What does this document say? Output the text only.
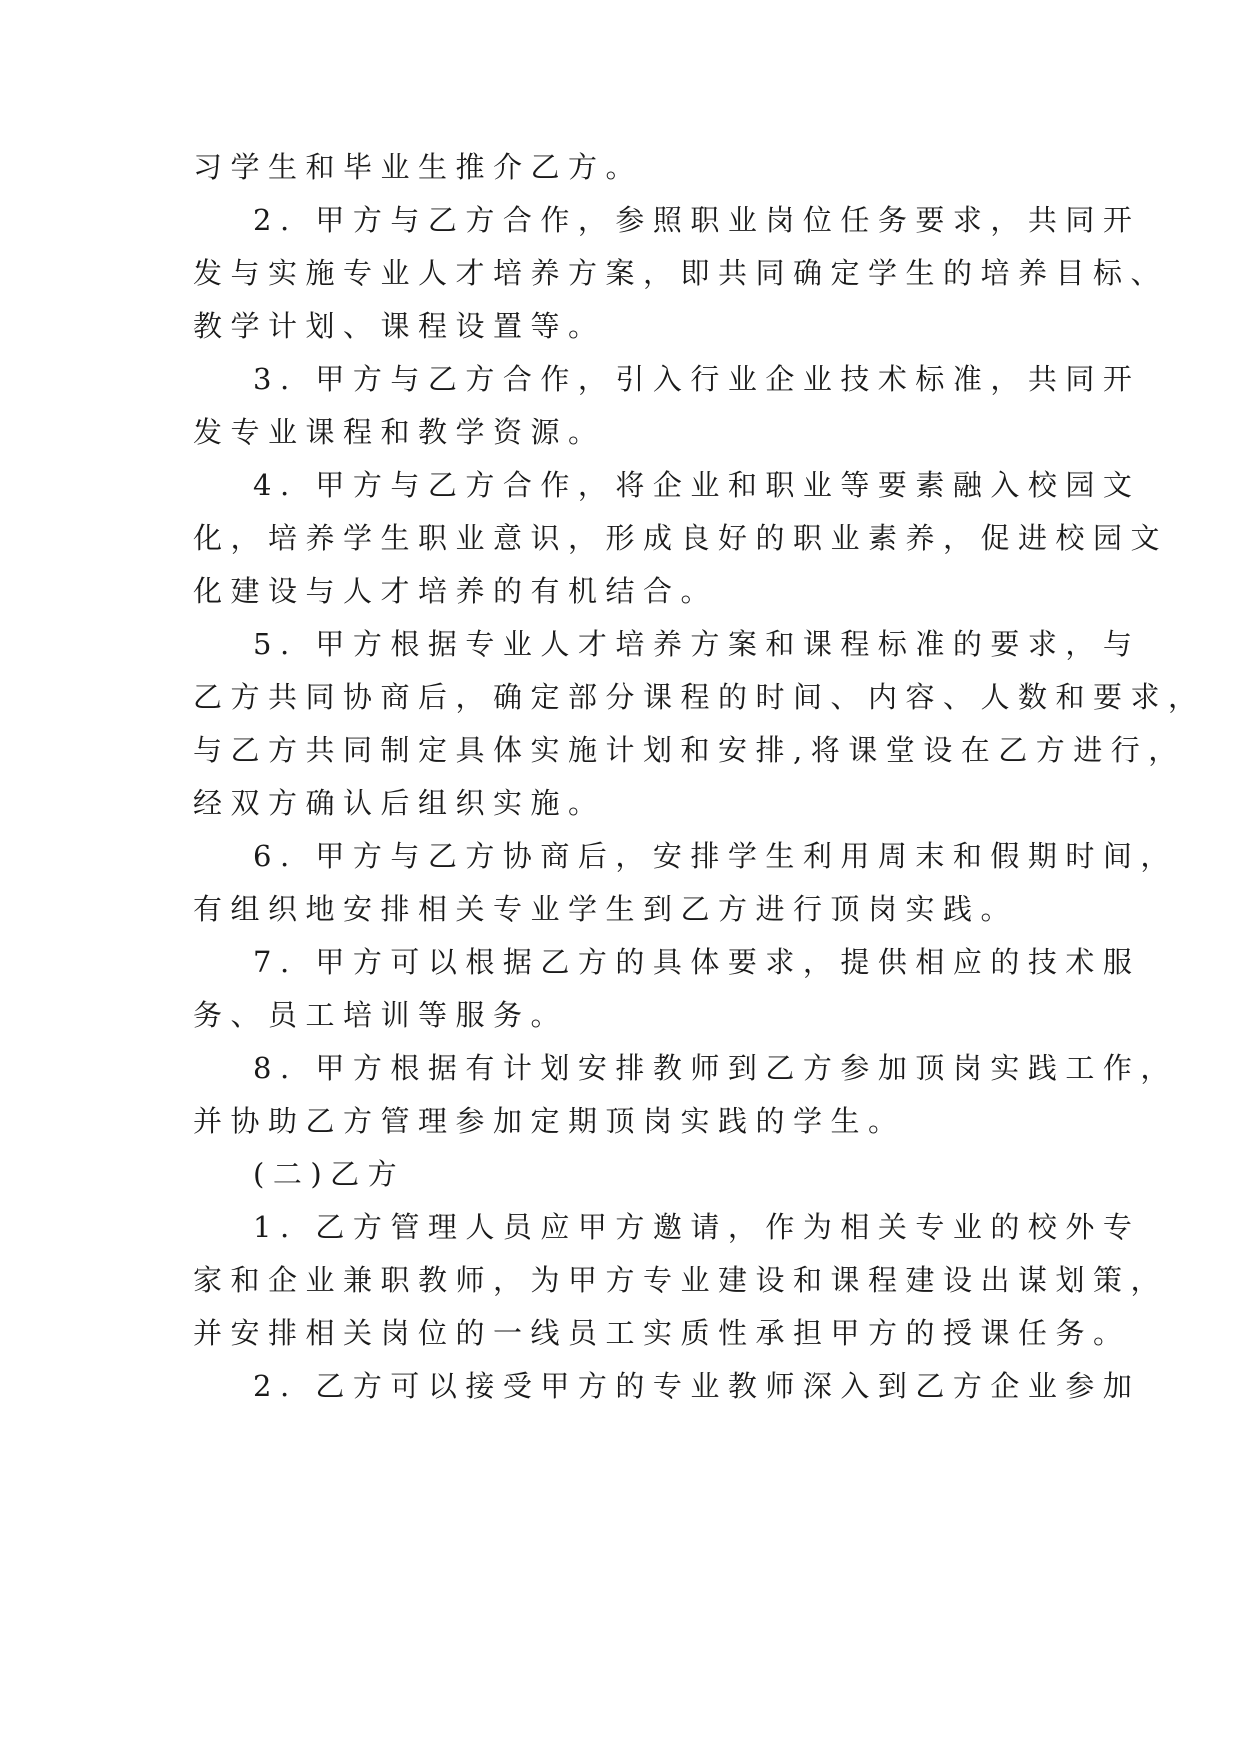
习学生和毕业生推介乙方。
2. 甲方与乙方合作，参照职业岗位任务要求，共同开
发与实施专业人才培养方案，即共同确定学生的培养目标、
教学计划、课程设置等。
3. 甲方与乙方合作，引入行业企业技术标准，共同开
发专业课程和教学资源。
4. 甲方与乙方合作，将企业和职业等要素融入校园文
化，培养学生职业意识，形成良好的职业素养，促进校园文
化建设与人才培养的有机结合。
5. 甲方根据专业人才培养方案和课程标准的要求，与
乙方共同协商后，确定部分课程的时间、内容、人数和要求，
与乙方共同制定具体实施计划和安排,将课堂设在乙方进行，
经双方确认后组织实施。
6. 甲方与乙方协商后，安排学生利用周末和假期时间，
有组织地安排相关专业学生到乙方进行顶岗实践。
7. 甲方可以根据乙方的具体要求，提供相应的技术服
务、员工培训等服务。
8. 甲方根据有计划安排教师到乙方参加顶岗实践工作，
并协助乙方管理参加定期顶岗实践的学生。
(二)乙方
1. 乙方管理人员应甲方邀请，作为相关专业的校外专
家和企业兼职教师，为甲方专业建设和课程建设出谋划策，
并安排相关岗位的一线员工实质性承担甲方的授课任务。
2. 乙方可以接受甲方的专业教师深入到乙方企业参加
